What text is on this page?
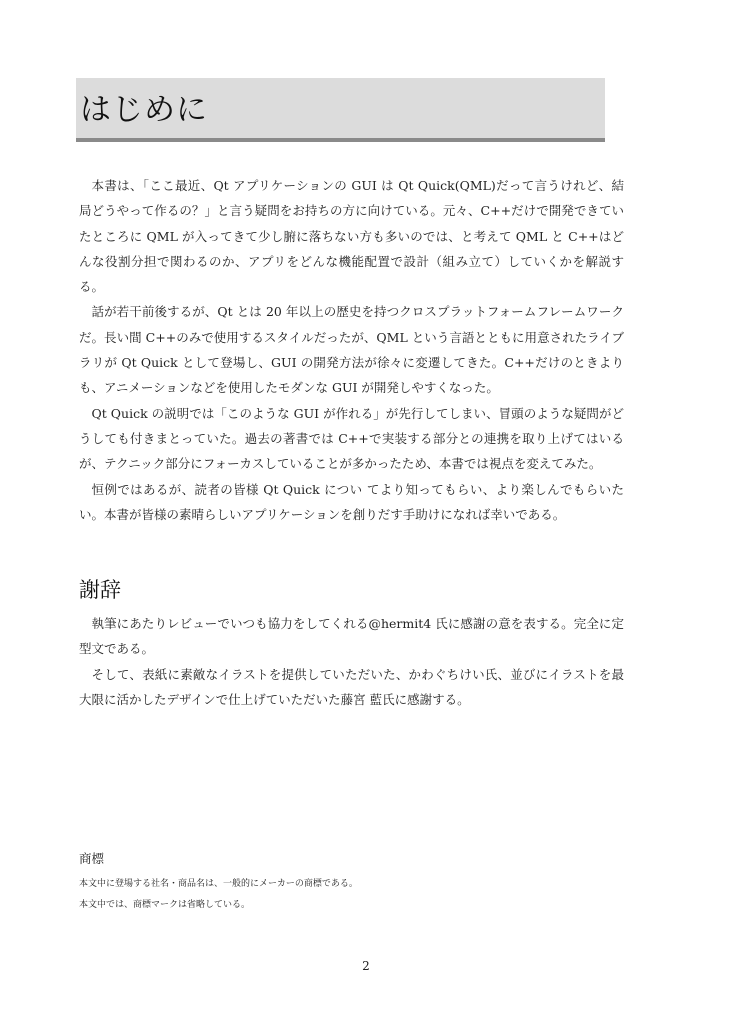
はじめに

本書は、「ここ最近、Qt アプリケーションの GUI は Qt Quick(QML)だって言うけれど、結局どうやって作るの？」と言う疑問をお持ちの方に向けている。元々、C++だけで開発できていたところに QML が入ってきて少し腑に落ちない方も多いのでは、と考えて QML と C++はどんな役割分担で関わるのか、アプリをどんな機能配置で設計（組み立て）していくかを解説する。

話が若干前後するが、Qt とは 20 年以上の歴史を持つクロスプラットフォームフレームワークだ。長い間 C++のみで使用するスタイルだったが、QML という言語とともに用意されたライブラリが Qt Quick として登場し、GUI の開発方法が徐々に変遷してきた。C++だけのときよりも、アニメーションなどを使用したモダンな GUI が開発しやすくなった。

Qt Quick の説明では「このような GUI が作れる」が先行してしまい、冒頭のような疑問がどうしても付きまとっていた。過去の著書では C++で実装する部分との連携を取り上げてはいるが、テクニック部分にフォーカスしていることが多かったため、本書では視点を変えてみた。

恒例ではあるが、読者の皆様 Qt Quick につい てより知ってもらい、より楽しんでもらいたい。本書が皆様の素晴らしいアプリケーションを創りだす手助けになれば幸いである。

謝辞

執筆にあたりレビューでいつも協力をしてくれる@hermit4 氏に感謝の意を表する。完全に定型文である。

そして、表紙に素敵なイラストを提供していただいた、かわぐちけい氏、並びにイラストを最大限に活かしたデザインで仕上げていただいた藤宮 藍氏に感謝する。

商標
本文中に登場する社名・商品名は、一般的にメーカーの商標である。
本文中では、商標マークは省略している。
2
